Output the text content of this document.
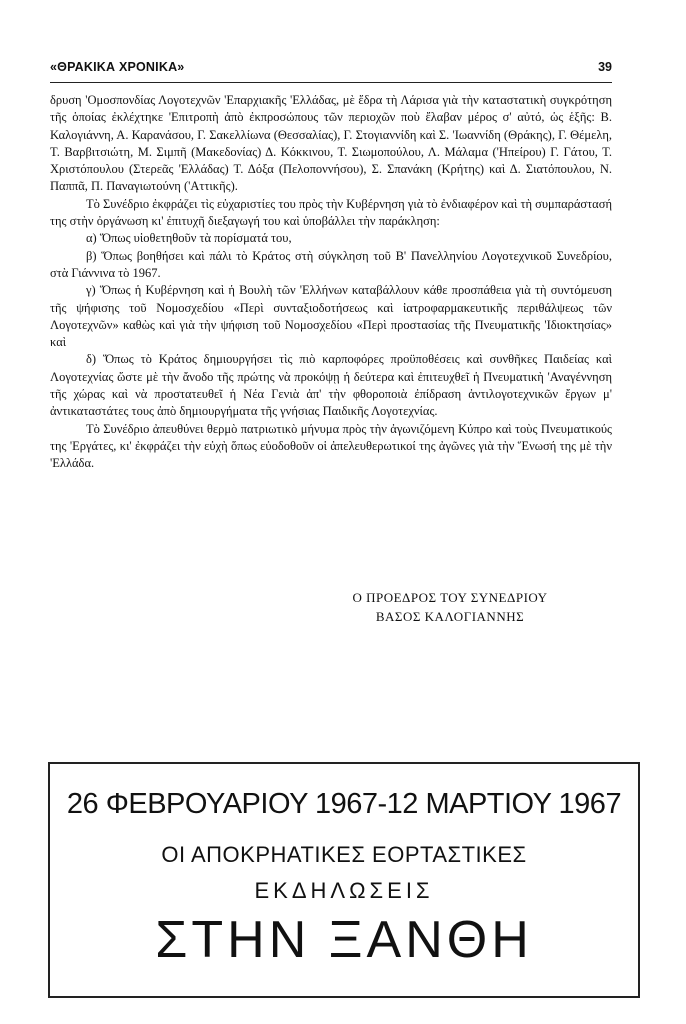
«ΘΡΑΚΙΚΑ ΧΡΟΝΙΚΑ»	39

δρυση 'Ομοσπονδίας Λογοτεχνῶν 'Επαρχιακῆς 'Ελλάδας, μὲ ἕδρα τὴ Λάρισα γιὰ τὴν καταστατικὴ συγκρότηση τῆς ὁποίας ἐκλέχτηκε 'Επιτροπὴ ἀπὸ ἐκπροσώπους τῶν περιοχῶν ποὺ ἔλαβαν μέρος σ' αὐτό, ὡς ἑξῆς: Β. Καλογιάννη, Α. Καρανάσου, Γ. Σακελλίωνα (Θεσσαλίας), Γ. Στογιαννίδη καὶ Σ. 'Ιωαννίδη (Θράκης), Γ. Θέμελη, Τ. Βαρβιτσιώτη, Μ. Σιμπῆ (Μακεδονίας) Δ. Κόκκινου, Τ. Σιωμοπούλου, Λ. Μάλαμα ('Ηπείρου) Γ. Γάτου, Τ. Χριστόπουλου (Στερεᾶς 'Ελλάδας) Τ. Δόξα (Πελοποννήσου), Σ. Σπανάκη (Κρήτης) καὶ Δ. Σιατόπουλου, Ν. Παππᾶ, Π. Παναγιωτούνη ('Αττικῆς).

Τὸ Συνέδριο ἐκφράζει τὶς εὐχαριστίες του πρὸς τὴν Κυβέρνηση γιὰ τὸ ἐνδιαφέρον καὶ τὴ συμπαράστασή της στὴν ὀργάνωση κι' ἐπιτυχῆ διεξαγωγή του καὶ ὑποβάλλει τὴν παράκληση:

α) Ὅπως υἱοθετηθοῦν τὰ πορίσματά του,

β) Ὅπως βοηθήσει καὶ πάλι τὸ Κράτος στὴ σύγκληση τοῦ Β' Πανελληνίου Λογοτεχνικοῦ Συνεδρίου, στὰ Γιάννινα τὸ 1967.

γ) Ὅπως ἡ Κυβέρνηση καὶ ἡ Βουλὴ τῶν 'Ελλήνων καταβάλλουν κάθε προσπάθεια γιὰ τὴ συντόμευση τῆς ψήφισης τοῦ Νομοσχεδίου «Περὶ συνταξιοδοτήσεως καὶ ἰατροφαρμακευτικῆς περιθάλψεως τῶν Λογοτεχνῶν» καθὼς καὶ γιὰ τὴν ψήφιση τοῦ Νομοσχεδίου «Περὶ προστασίας τῆς Πνευματικῆς 'Ιδιοκτησίας» καὶ

δ) Ὅπως τὸ Κράτος δημιουργήσει τὶς πιὸ καρποφόρες προϋποθέσεις καὶ συνθῆκες Παιδείας καὶ Λογοτεχνίας ὥστε μὲ τὴν ἄνοδο τῆς πρώτης νὰ προκόψῃ ἡ δεύτερα καὶ ἐπιτευχθεῖ ἡ Πνευματικὴ 'Αναγέννηση τῆς χώρας καὶ νὰ προστατευθεῖ ἡ Νέα Γενιὰ ἀπ' τὴν φθοροποιὰ ἐπίδραση ἀντιλογοτεχνικῶν ἔργων μ' ἀντικαταστάτες τους ἀπὸ δημιουργήματα τῆς γνήσιας Παιδικῆς Λογοτεχνίας.

Τὸ Συνέδριο ἀπευθύνει θερμὸ πατριωτικὸ μήνυμα πρὸς τὴν ἀγωνιζόμενη Κύπρο καὶ τοὺς Πνευματικούς της 'Εργάτες, κι' ἐκφράζει τὴν εὐχὴ ὅπως εὐοδοθοῦν οἱ ἀπελευθερωτικοί της ἀγῶνες γιὰ τὴν Ἕνωσή της μὲ τὴν 'Ελλάδα.

Ο ΠΡΟΕΔΡΟΣ ΤΟΥ ΣΥΝΕΔΡΙΟΥ
ΒΑΣΟΣ ΚΑΛΟΓΙΑΝΝΗΣ
26 ΦΕΒΡΟΥΑΡΙΟΥ 1967-12 ΜΑΡΤΙΟΥ 1967
ΟΙ ΑΠΟΚΡΗΑΤΙΚΕΣ ΕΟΡΤΑΣΤΙΚΕΣ
ΕΚΔΗΛΩΣΕΙΣ
ΣΤΗΝ ΞΑΝΘΗ
